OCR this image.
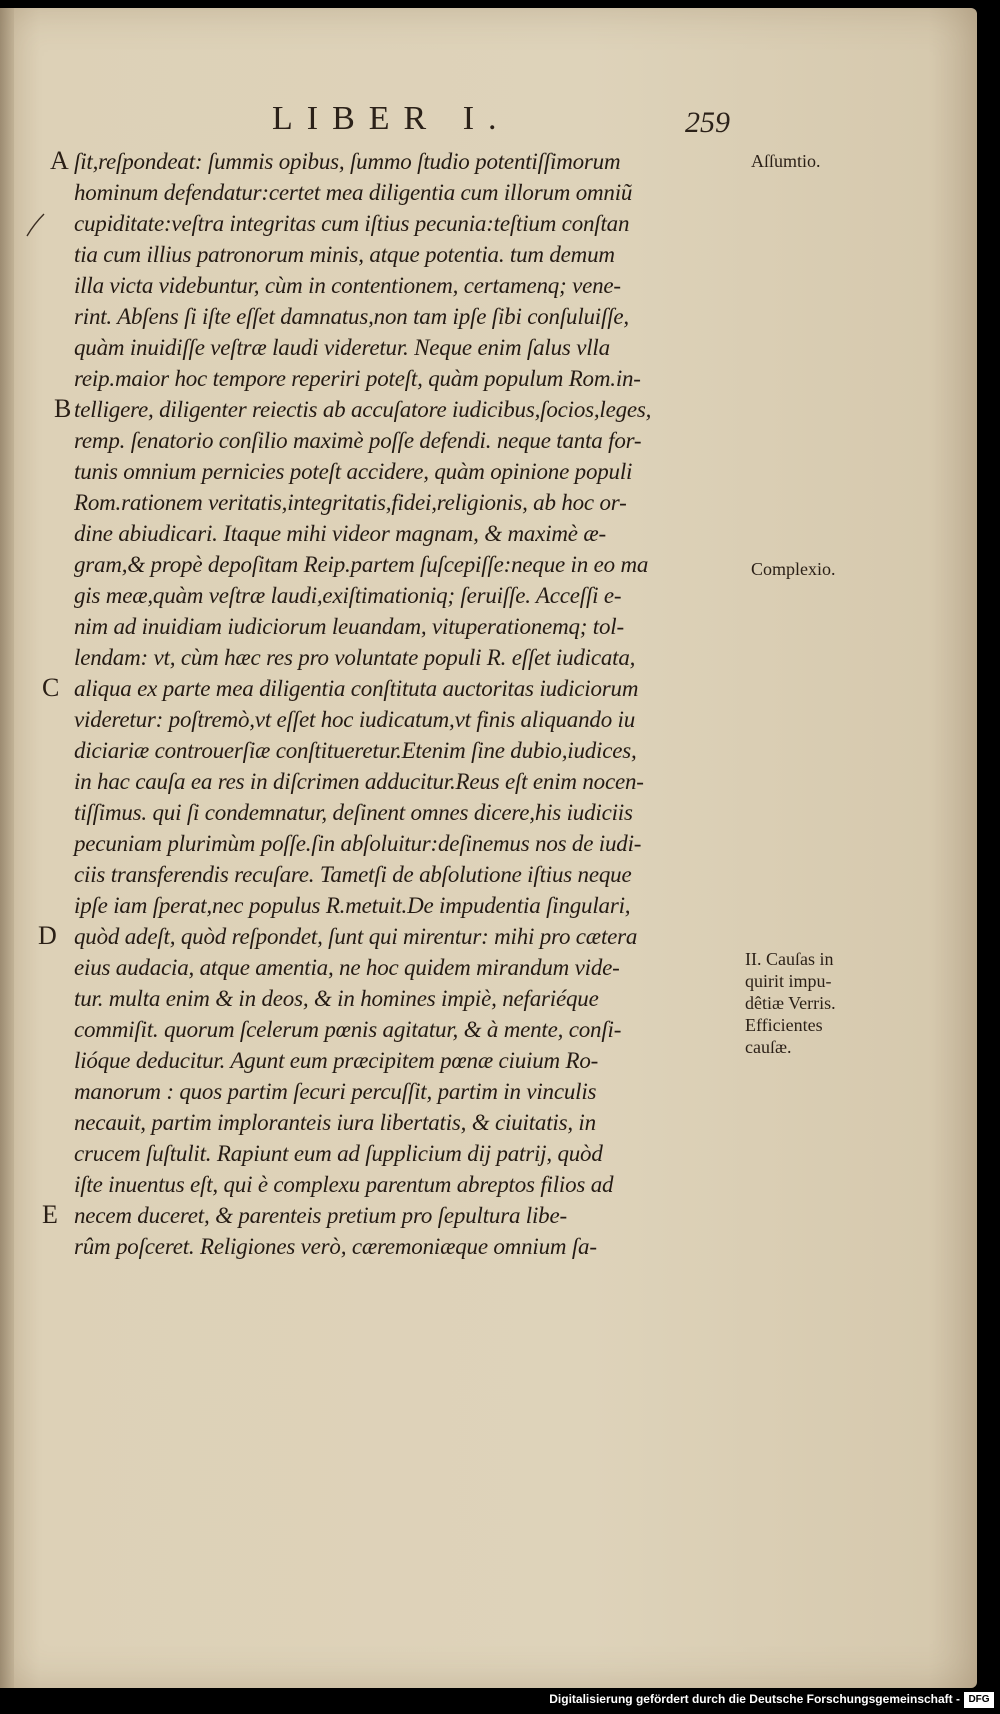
LIBER I.	259
A
B
C
D
E
ſit,reſpondeat: ſummis opibus, ſummo ſtudio potentiſſimorum
hominum defendatur:certet mea diligentia cum illorum omniũ
cupiditate:veſtra integritas cum iſtius pecunia:teſtium conſtan
tia cum illius patronorum minis, atque potentia. tum demum
illa victa videbuntur, cùm in contentionem, certamenq; vene-
rint. Abſens ſi iſte eſſet damnatus,non tam ipſe ſibi conſuluiſſe,
quàm inuidiſſe veſtræ laudi videretur. Neque enim ſalus vlla
reip.maior hoc tempore reperiri poteſt, quàm populum Rom.in-
telligere, diligenter reiectis ab accuſatore iudicibus,ſocios,leges,
remp. ſenatorio conſilio maximè poſſe defendi. neque tanta for-
tunis omnium pernicies poteſt accidere, quàm opinione populi
Rom.rationem veritatis,integritatis,fidei,religionis, ab hoc or-
dine abiudicari. Itaque mihi videor magnam, & maximè æ-
gram,& propè depoſitam Reip.partem ſuſcepiſſe:neque in eo ma
gis meæ,quàm veſtræ laudi,exiſtimationiq; ſeruiſſe. Acceſſi e-
nim ad inuidiam iudiciorum leuandam, vituperationemq; tol-
lendam: vt, cùm hæc res pro voluntate populi R. eſſet iudicata,
aliqua ex parte mea diligentia conſtituta auctoritas iudiciorum
videretur: poſtremò,vt eſſet hoc iudicatum,vt finis aliquando iu
diciariæ controuerſiæ conſtitueretur.Etenim ſine dubio,iudices,
in hac cauſa ea res in diſcrimen adducitur.Reus eſt enim nocen-
tiſſimus. qui ſi condemnatur, deſinent omnes dicere,his iudiciis
pecuniam plurimùm poſſe.ſin abſoluitur:deſinemus nos de iudi-
ciis transferendis recuſare. Tametſi de abſolutione iſtius neque
ipſe iam ſperat,nec populus R.metuit.De impudentia ſingulari,
quòd adeſt, quòd reſpondet, ſunt qui mirentur: mihi pro cætera
eius audacia, atque amentia, ne hoc quidem mirandum vide-
tur. multa enim & in deos, & in homines impiè, nefariéque
commiſit. quorum ſcelerum pœnis agitatur, & à mente, conſi-
lióque deducitur. Agunt eum præcipitem pœnæ ciuium Ro-
manorum : quos partim ſecuri percuſſit, partim in vinculis
necauit, partim imploranteis iura libertatis, & ciuitatis, in
crucem ſuſtulit. Rapiunt eum ad ſupplicium dij patrij, quòd
iſte inuentus eſt, qui è complexu parentum abreptos filios ad
necem duceret, & parenteis pretium pro ſepultura libe-
rûm poſceret. Religiones verò, cæremoniæque omnium ſa-
Aſſumtio.
Complexio.
II. Cauſas in
quirit impu-
dêtiæ Verris.
Efficientes
cauſæ.
Digitalisierung gefördert durch die Deutsche Forschungsgemeinschaft - DFG
